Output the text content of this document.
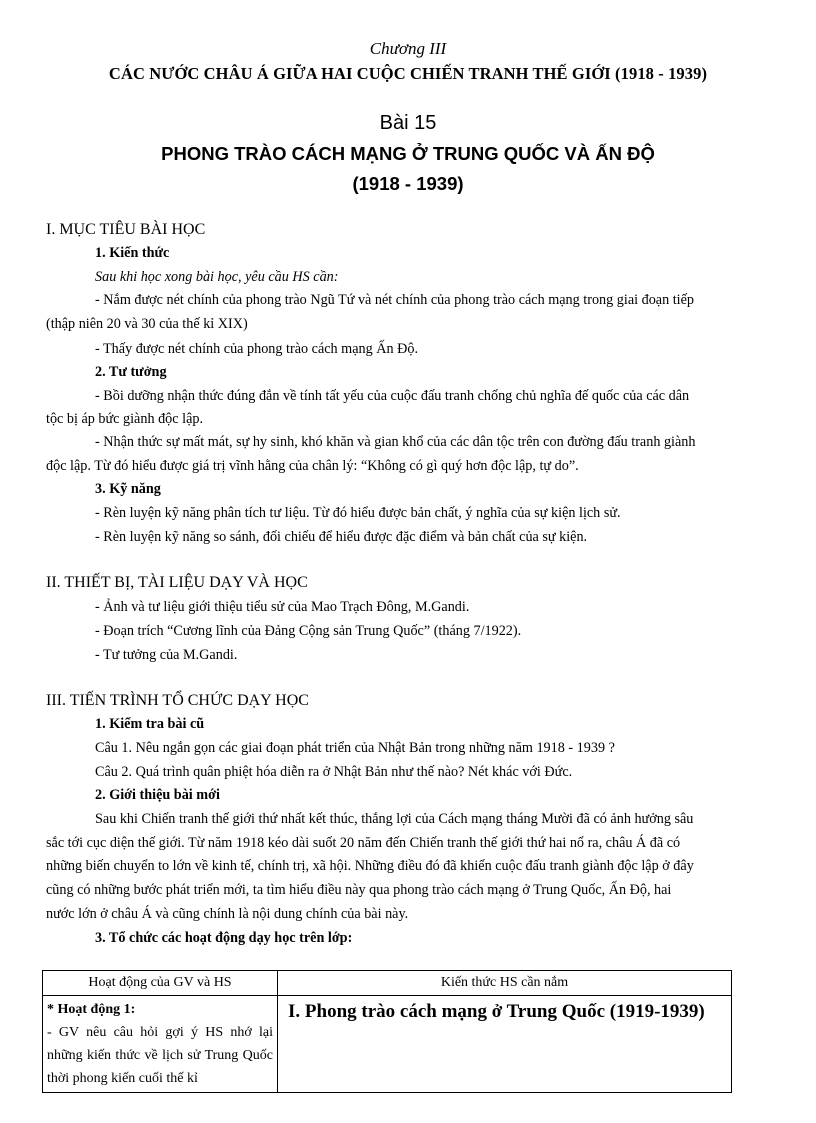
Chương III
CÁC NƯỚC CHÂU Á GIỮA HAI CUỘC CHIẾN TRANH THẾ GIỚI (1918 - 1939)
Bài 15
PHONG TRÀO CÁCH MẠNG Ở TRUNG QUỐC VÀ ẤN ĐỘ
(1918 - 1939)
I. MỤC TIÊU BÀI HỌC
1. Kiến thức
Sau khi học xong bài học, yêu cầu HS cần:
- Nắm được nét chính của phong trào Ngũ Tứ và nét chính của phong trào cách mạng trong giai đoạn tiếp
(thập niên 20 và 30 của thế kỉ XIX)
- Thấy được nét chính của phong trào cách mạng Ấn Độ.
2. Tư tưởng
- Bồi dưỡng nhận thức đúng đắn về tính tất yếu của cuộc đấu tranh chống chủ nghĩa đế quốc của các dân
tộc bị áp bức giành độc lập.
- Nhận thức sự mất mát, sự hy sinh, khó khăn và gian khổ của các dân tộc trên con đường đấu tranh giành
độc lập. Từ đó hiểu được giá trị vĩnh hằng của chân lý: “Không có gì quý hơn độc lập, tự do”.
3. Kỹ năng
- Rèn luyện kỹ năng phân tích tư liệu. Từ đó hiểu được bản chất, ý nghĩa của sự kiện lịch sử.
- Rèn luyện kỹ năng so sánh, đối chiếu để hiểu được đặc điểm và bản chất của sự kiện.
II. THIẾT BỊ, TÀI LIỆU DẠY VÀ HỌC
- Ảnh và tư liệu giới thiệu tiểu sử của Mao Trạch Đông, M.Gandi.
- Đoạn trích “Cương lĩnh của Đảng Cộng sản Trung Quốc” (tháng 7/1922).
- Tư tưởng của M.Gandi.
III. TIẾN TRÌNH TỔ CHỨC DẠY HỌC
1. Kiểm tra bài cũ
Câu 1. Nêu ngắn gọn các giai đoạn phát triển của Nhật Bản trong những năm 1918 - 1939 ?
Câu 2. Quá trình quân phiệt hóa diễn ra ở Nhật Bản như thế nào? Nét khác với Đức.
2. Giới thiệu bài mới
Sau khi Chiến tranh thế giới thứ nhất kết thúc, thắng lợi của Cách mạng tháng Mười đã có ảnh hưởng sâu
sắc tới cục diện thế giới. Từ năm 1918 kéo dài suốt 20 năm đến Chiến tranh thế giới thứ hai nổ ra, châu Á đã có
những biến chuyển to lớn về kinh tế, chính trị, xã hội. Những điều đó đã khiến cuộc đấu tranh giành độc lập ở đây
cũng có những bước phát triển mới, ta tìm hiểu điều này qua phong trào cách mạng ở Trung Quốc, Ấn Độ, hai
nước lớn ở châu Á và cũng chính là nội dung chính của bài này.
3. Tổ chức các hoạt động dạy học trên lớp:
Hoạt động của GV và HS	Kiến thức HS cần nắm

* Hoạt động 1:
- GV nêu câu hỏi gợi ý HS nhớ lại những kiến thức về lịch sử Trung Quốc thời phong kiến cuối thế kỉ	I. Phong trào cách mạng ở Trung Quốc (1919-1939)
